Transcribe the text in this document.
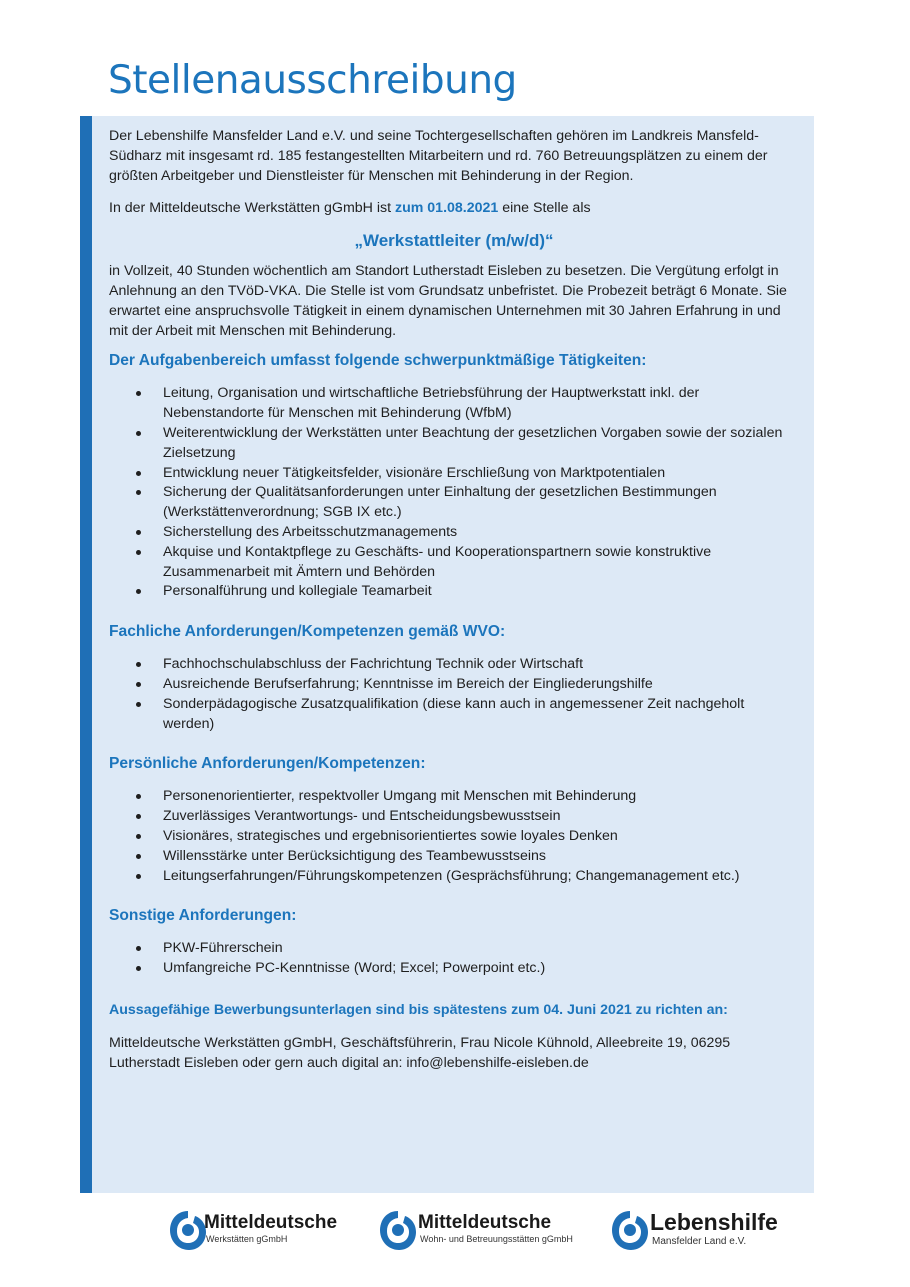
Stellenausschreibung

Der Lebenshilfe Mansfelder Land e.V. und seine Tochtergesellschaften gehören im Landkreis Mansfeld-Südharz mit insgesamt rd. 185 festangestellten Mitarbeitern und rd. 760 Betreuungsplätzen zu einem der größten Arbeitgeber und Dienstleister für Menschen mit Behinderung in der Region.

In der Mitteldeutsche Werkstätten gGmbH ist zum 01.08.2021 eine Stelle als

„Werkstattleiter (m/w/d)“

in Vollzeit, 40 Stunden wöchentlich am Standort Lutherstadt Eisleben zu besetzen. Die Vergütung erfolgt in Anlehnung an den TVöD-VKA. Die Stelle ist vom Grundsatz unbefristet. Die Probezeit beträgt 6 Monate. Sie erwartet eine anspruchsvolle Tätigkeit in einem dynamischen Unternehmen mit 30 Jahren Erfahrung in und mit der Arbeit mit Menschen mit Behinderung.

Der Aufgabenbereich umfasst folgende schwerpunktmäßige Tätigkeiten:
Leitung, Organisation und wirtschaftliche Betriebsführung der Hauptwerkstatt inkl. der Nebenstandorte für Menschen mit Behinderung (WfbM)
Weiterentwicklung der Werkstätten unter Beachtung der gesetzlichen Vorgaben sowie der sozialen Zielsetzung
Entwicklung neuer Tätigkeitsfelder, visionäre Erschließung von Marktpotentialen
Sicherung der Qualitätsanforderungen unter Einhaltung der gesetzlichen Bestimmungen (Werkstättenverordnung; SGB IX etc.)
Sicherstellung des Arbeitsschutzmanagements
Akquise und Kontaktpflege zu Geschäfts- und Kooperationspartnern sowie konstruktive Zusammenarbeit mit Ämtern und Behörden
Personalführung und kollegiale Teamarbeit
Fachliche Anforderungen/Kompetenzen gemäß WVO:
Fachhochschulabschluss der Fachrichtung Technik oder Wirtschaft
Ausreichende Berufserfahrung; Kenntnisse im Bereich der Eingliederungshilfe
Sonderpädagogische Zusatzqualifikation (diese kann auch in angemessener Zeit nachgeholt werden)
Persönliche Anforderungen/Kompetenzen:
Personenorientierter, respektvoller Umgang mit Menschen mit Behinderung
Zuverlässiges Verantwortungs- und Entscheidungsbewusstsein
Visionäres, strategisches und ergebnisorientiertes sowie loyales Denken
Willensstärke unter Berücksichtigung des Teambewusstseins
Leitungserfahrungen/Führungskompetenzen (Gesprächsführung; Changemanagement etc.)
Sonstige Anforderungen:
PKW-Führerschein
Umfangreiche PC-Kenntnisse (Word; Excel; Powerpoint etc.)

Aussagefähige Bewerbungsunterlagen sind bis spätestens zum 04. Juni 2021 zu richten an:

Mitteldeutsche Werkstätten gGmbH, Geschäftsführerin, Frau Nicole Kühnold, Alleebreite 19, 06295 Lutherstadt Eisleben oder gern auch digital an: info@lebenshilfe-eisleben.de

Mitteldeutsche
Werkstätten gGmbH
Mitteldeutsche
Wohn- und Betreuungsstätten gGmbH
Lebenshilfe
Mansfelder Land e.V.
